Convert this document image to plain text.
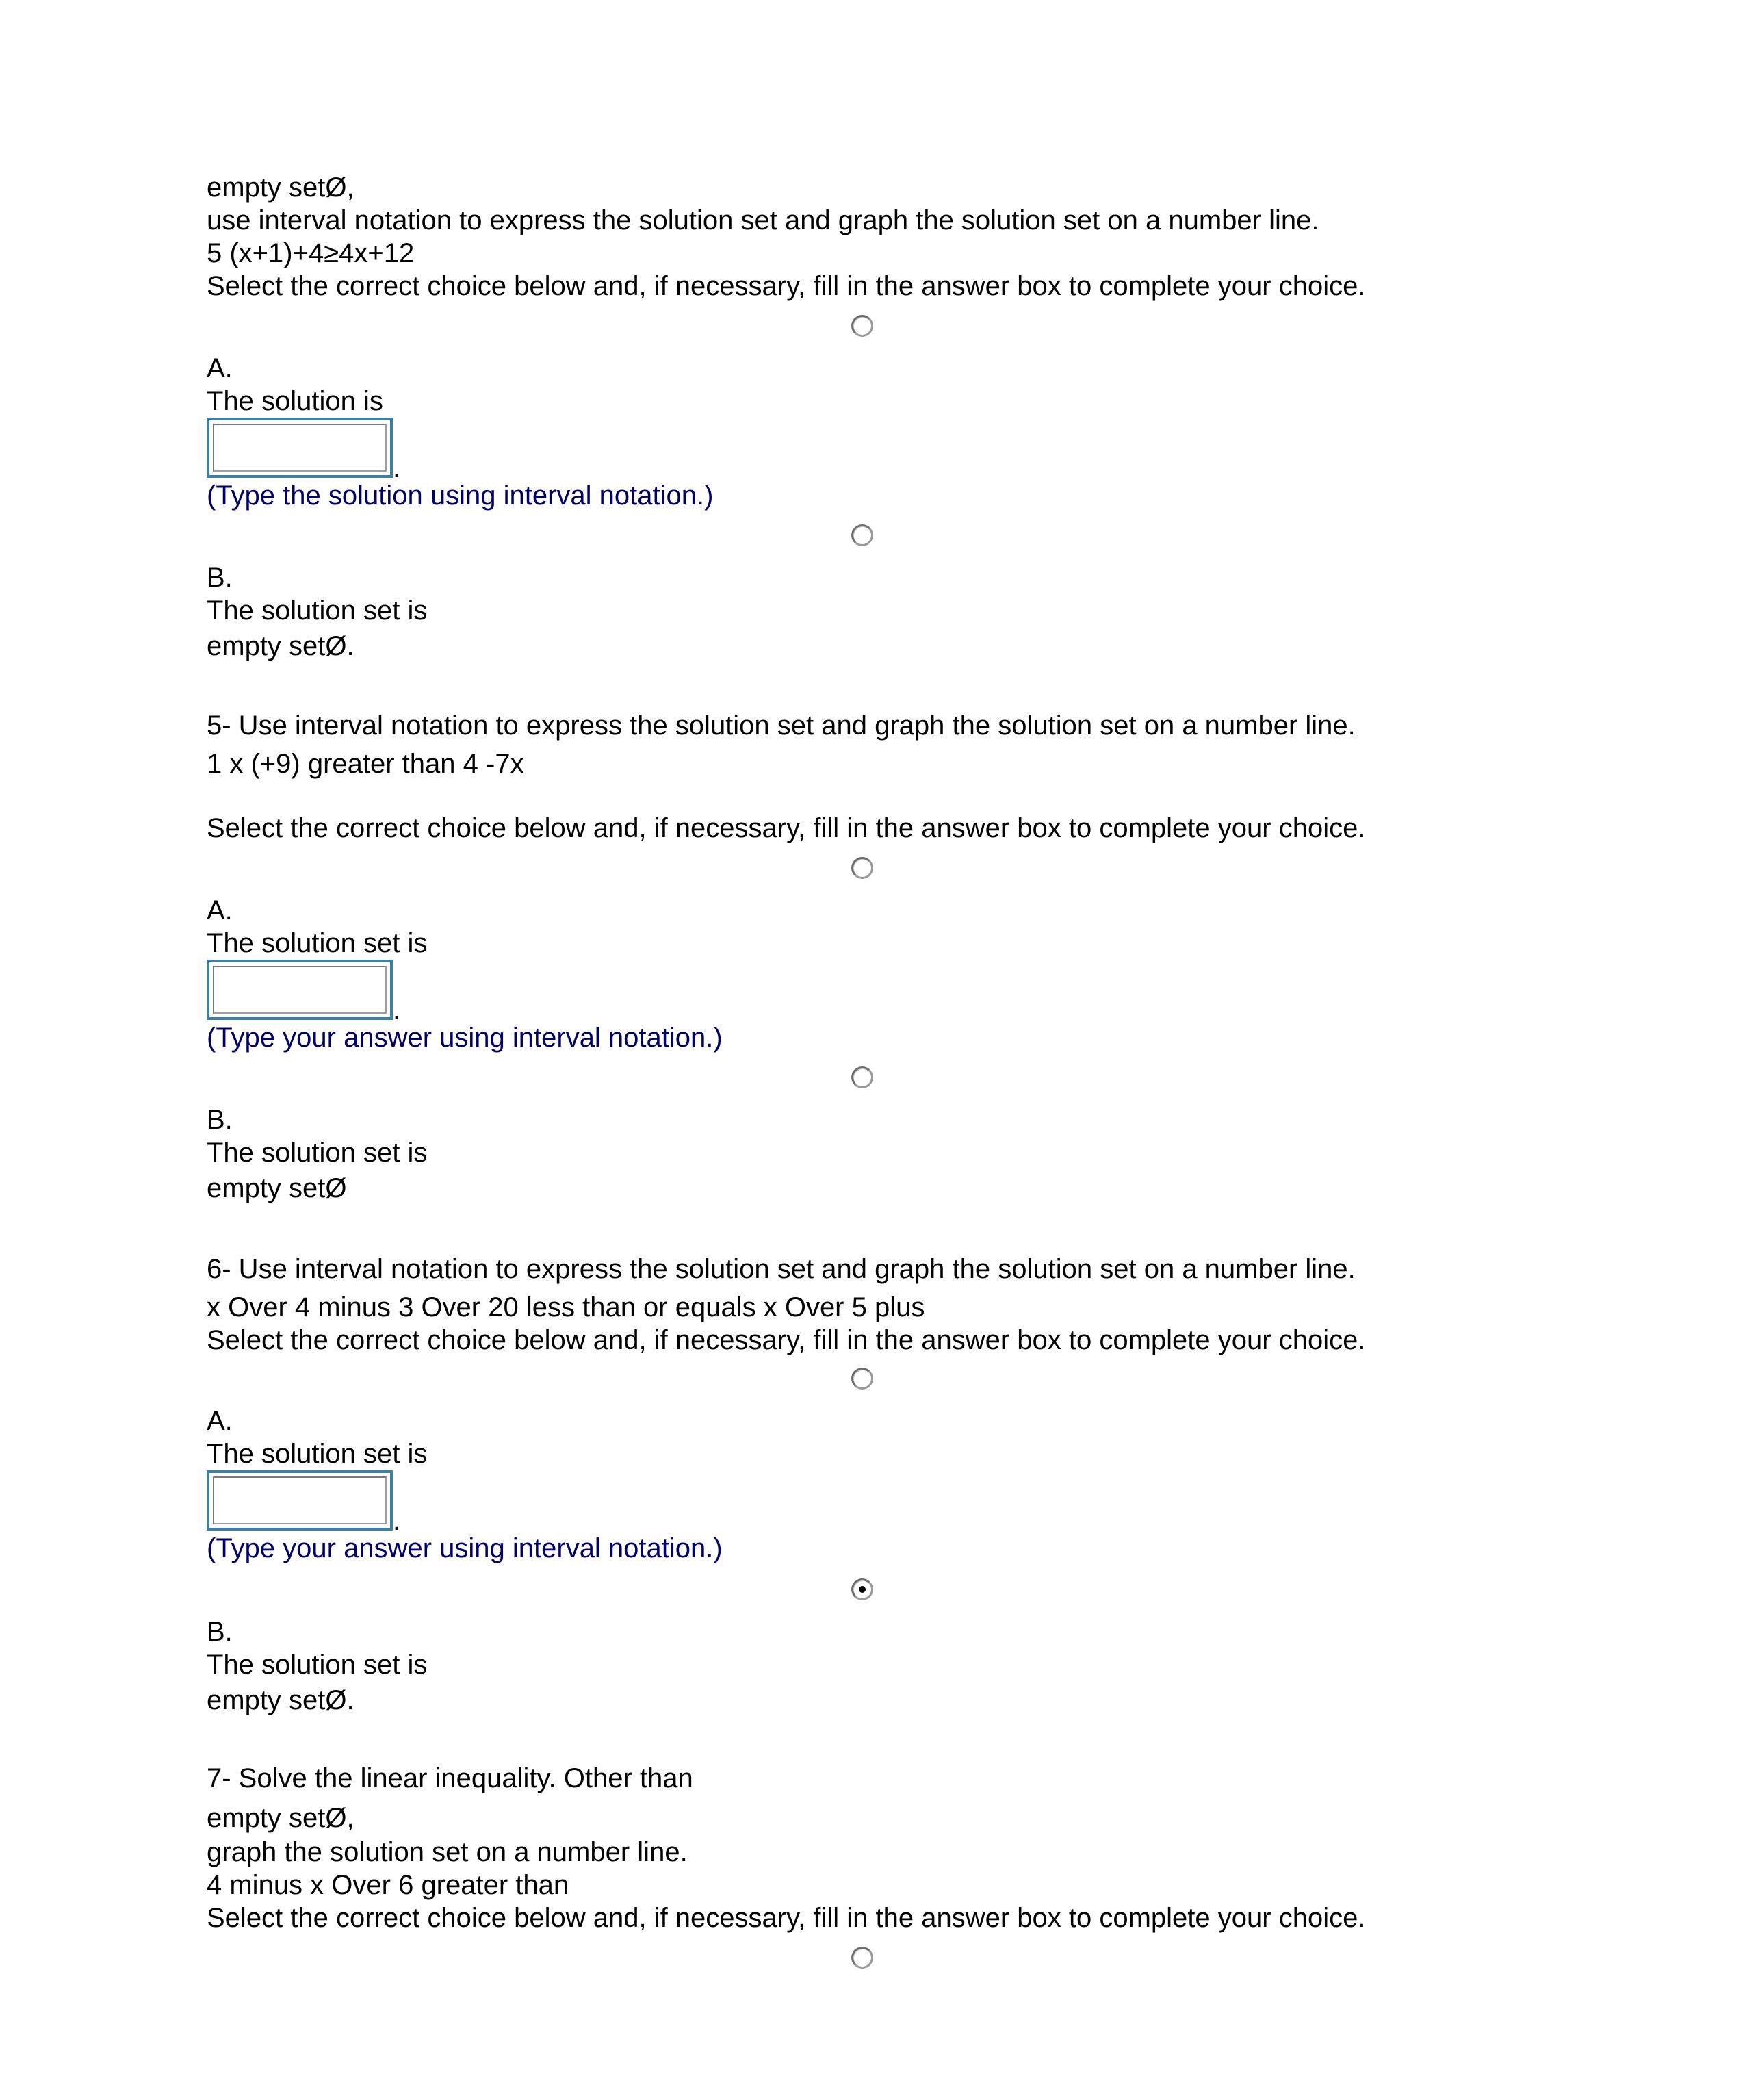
empty setØ,
use interval notation to express the solution set and graph the solution set on a number line.
5 (x+1)+4≥4x+12
Select the correct choice below and, if necessary, fill in the answer box to complete your choice.
A.
The solution is
.
(Type the solution using interval notation.)
B.
The solution set is
empty setØ.
5- Use interval notation to express the solution set and graph the solution set on a number line.
1 x (+9) greater than 4 -7x
Select the correct choice below and, if necessary, fill in the answer box to complete your choice.
A.
The solution set is
.
(Type your answer using interval notation.)
B.
The solution set is
empty setØ
6- Use interval notation to express the solution set and graph the solution set on a number line.
x Over 4 minus 3 Over 20 less than or equals x Over 5 plus
Select the correct choice below and, if necessary, fill in the answer box to complete your choice.
A.
The solution set is
.
(Type your answer using interval notation.)
B.
The solution set is
empty setØ.
7- Solve the linear inequality. Other than
empty setØ,
graph the solution set on a number line.
4 minus x Over 6 greater than
Select the correct choice below and, if necessary, fill in the answer box to complete your choice.
